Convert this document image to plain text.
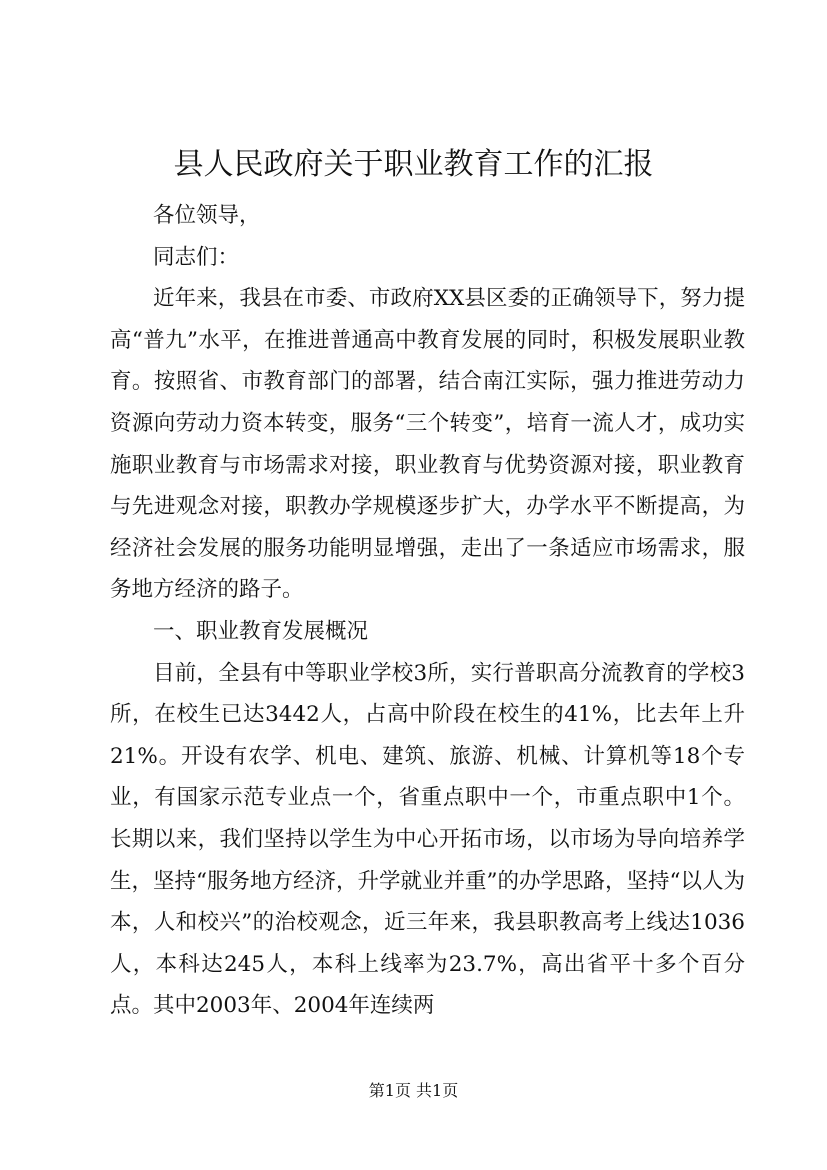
县人民政府关于职业教育工作的汇报

各位领导，

同志们：

近年来，我县在市委、市政府XX县区委的正确领导下，努力提高“普九”水平，在推进普通高中教育发展的同时，积极发展职业教育。按照省、市教育部门的部署，结合南江实际，强力推进劳动力资源向劳动力资本转变，服务“三个转变”，培育一流人才，成功实施职业教育与市场需求对接，职业教育与优势资源对接，职业教育与先进观念对接，职教办学规模逐步扩大，办学水平不断提高，为经济社会发展的服务功能明显增强，走出了一条适应市场需求，服务地方经济的路子。

一、职业教育发展概况

目前，全县有中等职业学校3所，实行普职高分流教育的学校3所，在校生已达3442人，占高中阶段在校生的41%，比去年上升21%。开设有农学、机电、建筑、旅游、机械、计算机等18个专业，有国家示范专业点一个，省重点职中一个，市重点职中1个。长期以来，我们坚持以学生为中心开拓市场，以市场为导向培养学生，坚持“服务地方经济，升学就业并重”的办学思路，坚持“以人为本，人和校兴”的治校观念，近三年来，我县职教高考上线达1036人，本科达245人，本科上线率为23.7%，高出省平十多个百分点。其中2003年、2004年连续两

第1页 共1页
